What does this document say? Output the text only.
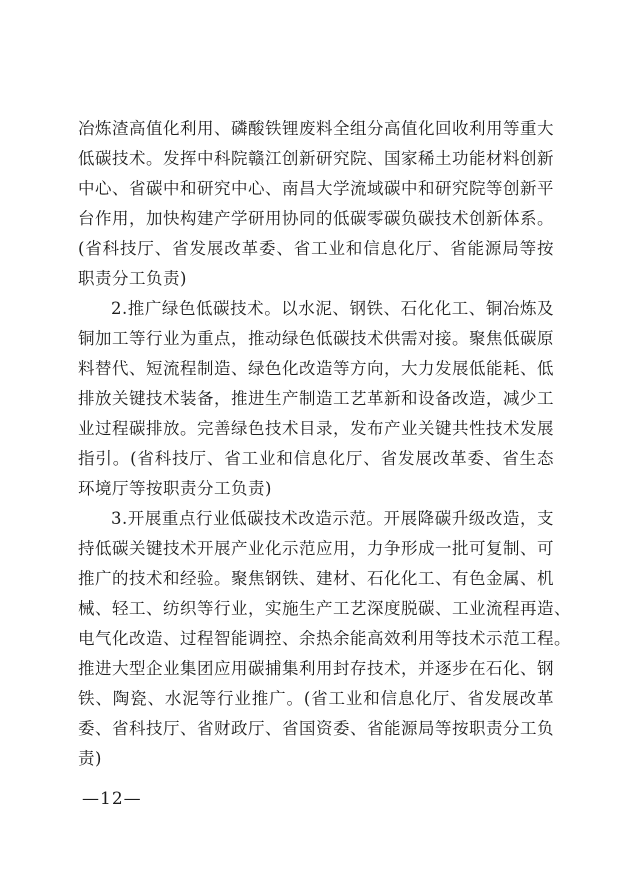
冶炼渣高值化利用、磷酸铁锂废料全组分高值化回收利用等重大
低碳技术。发挥中科院赣江创新研究院、国家稀土功能材料创新
中心、省碳中和研究中心、南昌大学流域碳中和研究院等创新平
台作用，加快构建产学研用协同的低碳零碳负碳技术创新体系。
(省科技厅、省发展改革委、省工业和信息化厅、省能源局等按
职责分工负责)
2.推广绿色低碳技术。以水泥、钢铁、石化化工、铜冶炼及
铜加工等行业为重点，推动绿色低碳技术供需对接。聚焦低碳原
料替代、短流程制造、绿色化改造等方向，大力发展低能耗、低
排放关键技术装备，推进生产制造工艺革新和设备改造，减少工
业过程碳排放。完善绿色技术目录，发布产业关键共性技术发展
指引。(省科技厅、省工业和信息化厅、省发展改革委、省生态
环境厅等按职责分工负责)
3.开展重点行业低碳技术改造示范。开展降碳升级改造，支
持低碳关键技术开展产业化示范应用，力争形成一批可复制、可
推广的技术和经验。聚焦钢铁、建材、石化化工、有色金属、机
械、轻工、纺织等行业，实施生产工艺深度脱碳、工业流程再造、
电气化改造、过程智能调控、余热余能高效利用等技术示范工程。
推进大型企业集团应用碳捕集利用封存技术，并逐步在石化、钢
铁、陶瓷、水泥等行业推广。(省工业和信息化厅、省发展改革
委、省科技厅、省财政厅、省国资委、省能源局等按职责分工负
责)
—12—
